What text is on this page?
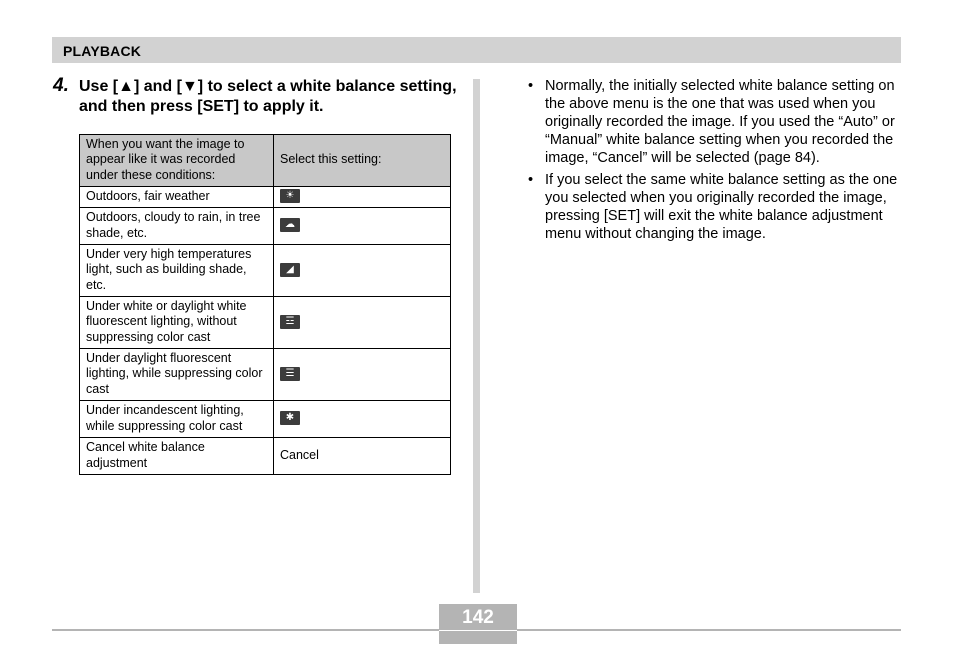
PLAYBACK
4. Use [▲] and [▼] to select a white balance setting, and then press [SET] to apply it.
When you want the image to appear like it was recorded under these conditions:	Select this setting:
Outdoors, fair weather	☀
Outdoors, cloudy to rain, in tree shade, etc.	☁
Under very high temperatures light, such as building shade, etc.	◢
Under white or daylight white fluorescent lighting, without suppressing color cast	☲
Under daylight fluorescent lighting, while suppressing color cast	☰
Under incandescent lighting, while suppressing color cast	✱
Cancel white balance adjustment	Cancel
• Normally, the initially selected white balance setting on the above menu is the one that was used when you originally recorded the image. If you used the “Auto” or “Manual” white balance setting when you recorded the image, “Cancel” will be selected (page 84).
• If you select the same white balance setting as the one you selected when you originally recorded the image, pressing [SET] will exit the white balance adjustment menu without changing the image.
142
